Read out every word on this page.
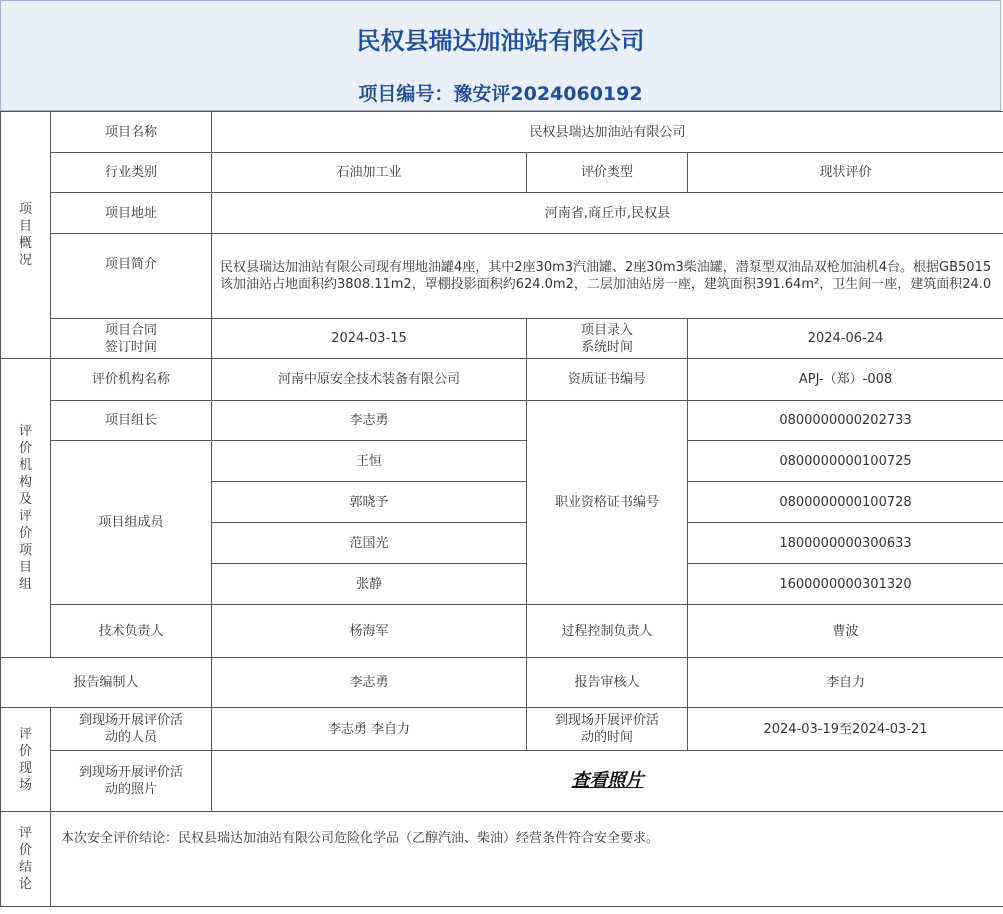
民权县瑞达加油站有限公司
项目编号：豫安评2024060192
项目概况	项目名称	民权县瑞达加油站有限公司		
	行业类别	石油加工业	评价类型	现状评价
	项目地址	河南省,商丘市,民权县		
	项目简介	民权县瑞达加油站有限公司现有埋地油罐4座，其中2座30m3汽油罐、2座30m3柴油罐，潜泵型双油品双枪加油机4台。根据GB5015
该加油站占地面积约3808.11m2，罩棚投影面积约624.0m2，二层加油站房一座，建筑面积391.64m²，卫生间一座，建筑面积24.0		

	项目合同签订时间	2024-03-15	项目录入系统时间	2024-06-24
评价机构及评价项目组	评价机构名称	河南中原安全技术装备有限公司	资质证书编号	APJ-（郑）-008
	项目组长	李志勇	职业资格证书编号	0800000000202733
	项目组成员	王恒		0800000000100725
		郭晓予		0800000000100728
		范国光		1800000000300633
		张静		1600000000301320
	技术负责人	杨海军	过程控制负责人	曹波

报告编制人		李志勇	报告审核人	李自力
评价现场	到现场开展评价活动的人员	李志勇 李自力	到现场开展评价活动的时间	2024-03-19至2024-03-21
	到现场开展评价活动的照片	查看照片		
评价结论	本次安全评价结论：民权县瑞达加油站有限公司危险化学品（乙醇汽油、柴油）经营条件符合安全要求。			
